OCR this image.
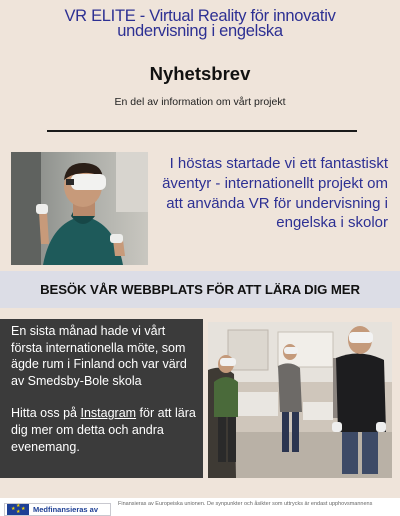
VR ELITE - Virtual Reality för innovativ
undervisning i engelska
Nyhetsbrev
En del av information om vårt projekt
I höstas startade vi ett fantastiskt äventyr - internationellt projekt om att använda VR för undervisning i engelska i skolor
BESÖK VÅR WEBBPLATS FÖR ATT LÄRA DIG MER

En sista månad hade vi vårt första internationella möte, som ägde rum i Finland och var värd av Smedsby-Bole skola

Hitta oss på Instagram för att lära dig mer om detta och andra evenemang.

★
★ ★
★ Medfinansieras av
Finansieras av Europeiska unionen. De synpunkter och åsikter som uttrycks är endast upphovsmannens
